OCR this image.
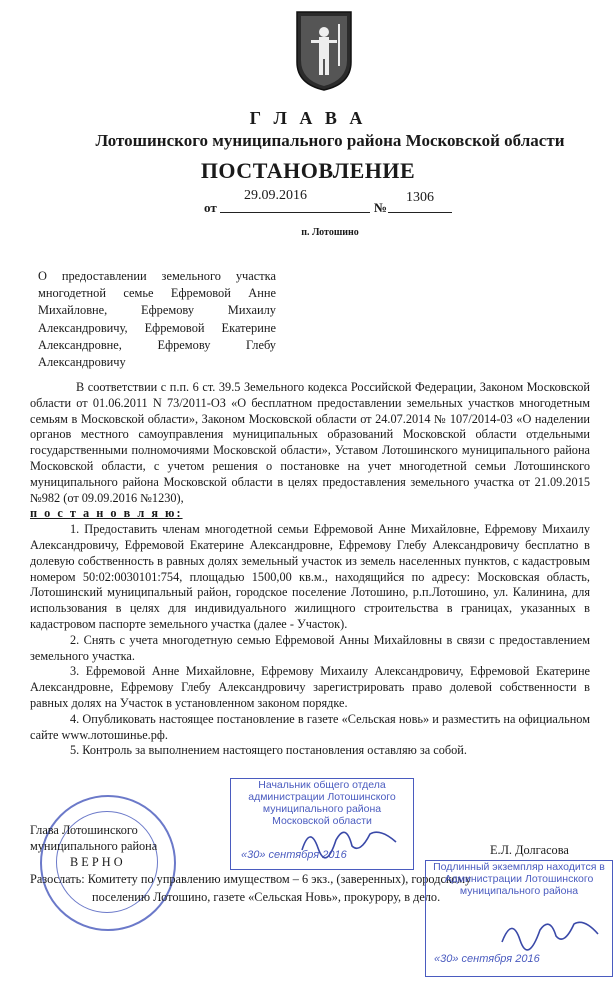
Г Л А В А
Лотошинского муниципального района Московской области
ПОСТАНОВЛЕНИЕ
от
29.09.2016
№
1306
п. Лотошино

О предоставлении земельного участка многодетной семье Ефремовой Анне Михайловне, Ефремову Михаилу Александровичу, Ефремовой Екатерине Александровне, Ефремову Глебу Александровичу

В соответствии с п.п. 6 ст. 39.5 Земельного кодекса Российской Федерации, Законом Московской области от 01.06.2011 N 73/2011-ОЗ «О бесплатном предоставлении земельных участков многодетным семьям в Московской области», Законом Московской области от 24.07.2014 № 107/2014-03 «О наделении органов местного самоуправления муниципальных образований Московской области отдельными государственными полномочиями Московской области», Уставом Лотошинского муниципального района Московской области, с учетом решения о постановке на учет многодетной семьи Лотошинского муниципального района Московской области в целях предоставления земельного участка от 21.09.2015 №982 (от 09.09.2016 №1230),

п о с т а н о в л я ю:

1. Предоставить членам многодетной семьи Ефремовой Анне Михайловне, Ефремову Михаилу Александровичу, Ефремовой Екатерине Александровне, Ефремову Глебу Александровичу бесплатно в долевую собственность в равных долях земельный участок из земель населенных пунктов, с кадастровым номером 50:02:0030101:754, площадью 1500,00 кв.м., находящийся по адресу: Московская область, Лотошинский муниципальный район, городское поселение Лотошино, р.п.Лотошино, ул. Калинина, для использования в целях для индивидуального жилищного строительства в границах, указанных в кадастровом паспорте земельного участка (далее - Участок).

2. Снять с учета многодетную семью Ефремовой Анны Михайловны в связи с предоставлением земельного участка.

3. Ефремовой Анне Михайловне, Ефремову Михаилу Александровичу, Ефремовой Екатерине Александровне, Ефремову Глебу Александровичу зарегистрировать право долевой собственности в равных долях на Участок в установленном законом порядке.

4. Опубликовать настоящее постановление в газете «Сельская новь» и разместить на официальном сайте www.лотошинье.рф.

5. Контроль за выполнением настоящего постановления оставляю за собой.

Глава Лотошинского
муниципального района
В Е Р Н О
Начальник общего отдела
администрации Лотошинского
муниципального района
Московской области
«30» сентября 2016	Е.Л. Долгасова
Разослать: Комитету по управлению имуществом – 6 экз., (заверенных), городскому
поселению Лотошино, газете «Сельская Новь», прокурору, в дело.
Подлинный экземпляр находится в
Администрации Лотошинского
муниципального района
«30» сентября 2016
